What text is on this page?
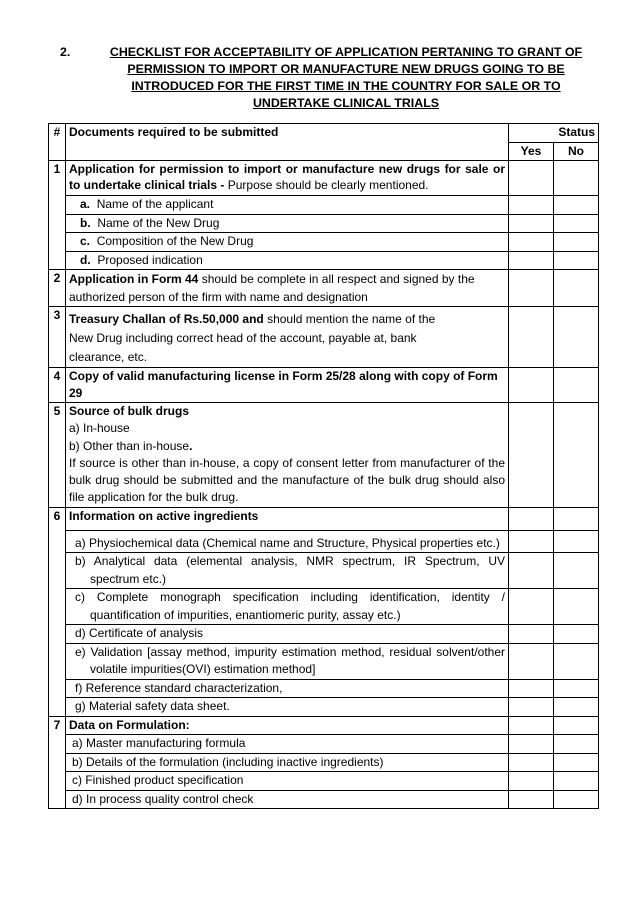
2.	CHECKLIST FOR ACCEPTABILITY OF APPLICATION PERTANING TO GRANT OF
PERMISSION TO IMPORT OR MANUFACTURE NEW DRUGS GOING TO BE
INTRODUCED FOR THE FIRST TIME IN THE COUNTRY FOR SALE OR TO
UNDERTAKE CLINICAL TRIALS
#	Documents required to be submitted	Status	
		Yes	No
1	Application for permission to import or manufacture new drugs for sale or to undertake clinical trials - Purpose should be clearly mentioned.		
	a. Name of the applicant		
	b. Name of the New Drug		
	c. Composition of the New Drug		
	d. Proposed indication		
2	Application in Form 44 should be complete in all respect and signed by the authorized person of the firm with name and designation		
3	Treasury Challan of Rs.50,000 and should mention the name of the
New Drug including correct head of the account, payable at, bank
clearance, etc.		
4	Copy of valid manufacturing license in Form 25/28 along with copy of Form 29		
5	Source of bulk drugs
a) In-house
b) Other than in-house.
If source is other than in-house, a copy of consent letter from manufacturer of the bulk drug should be submitted and the manufacture of the bulk drug should also file application for the bulk drug.		
6	Information on active ingredients		
	a) Physiochemical data (Chemical name and Structure, Physical properties etc.)		
	b) Analytical data (elemental analysis, NMR spectrum, IR Spectrum, UV spectrum etc.)		
	c) Complete monograph specification including identification, identity / quantification of impurities, enantiomeric purity, assay etc.)		
	d) Certificate of analysis		
	e) Validation [assay method, impurity estimation method, residual solvent/other volatile impurities(OVI) estimation method]		
	f) Reference standard characterization,		
	g) Material safety data sheet.		
7	Data on Formulation:		
	a) Master manufacturing formula		
	b) Details of the formulation (including inactive ingredients)		
	c) Finished product specification		
	d) In process quality control check		
